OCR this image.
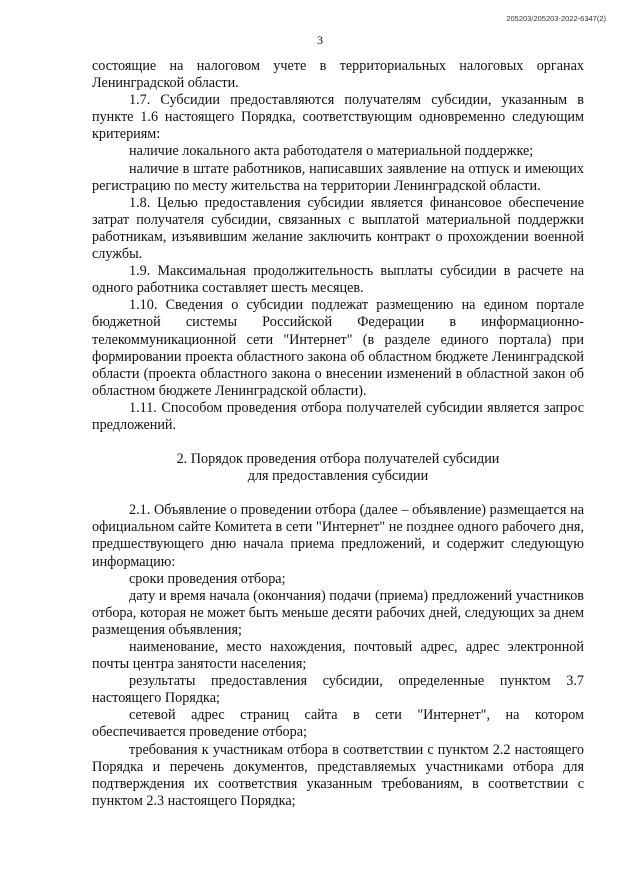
205203/205203-2022-6347(2)
3

состоящие на налоговом учете в территориальных налоговых органах Ленинградской области.

1.7. Субсидии предоставляются получателям субсидии, указанным в пункте 1.6 настоящего Порядка, соответствующим одновременно следующим критериям:

наличие локального акта работодателя о материальной поддержке;

наличие в штате работников, написавших заявление на отпуск и имеющих регистрацию по месту жительства на территории Ленинградской области.

1.8. Целью предоставления субсидии является финансовое обеспечение затрат получателя субсидии, связанных с выплатой материальной поддержки работникам, изъявившим желание заключить контракт о прохождении военной службы.

1.9. Максимальная продолжительность выплаты субсидии в расчете на одного работника составляет шесть месяцев.

1.10. Сведения о субсидии подлежат размещению на едином портале бюджетной системы Российской Федерации в информационно-телекоммуникационной сети "Интернет" (в разделе единого портала) при формировании проекта областного закона об областном бюджете Ленинградской области (проекта областного закона о внесении изменений в областной закон об областном бюджете Ленинградской области).

1.11. Способом проведения отбора получателей субсидии является запрос предложений.

2. Порядок проведения отбора получателей субсидии
для предоставления субсидии

2.1. Объявление о проведении отбора (далее – объявление) размещается на официальном сайте Комитета в сети "Интернет" не позднее одного рабочего дня, предшествующего дню начала приема предложений, и содержит следующую информацию:

сроки проведения отбора;

дату и время начала (окончания) подачи (приема) предложений участников отбора, которая не может быть меньше десяти рабочих дней, следующих за днем размещения объявления;

наименование, место нахождения, почтовый адрес, адрес электронной почты центра занятости населения;

результаты предоставления субсидии, определенные пунктом 3.7 настоящего Порядка;

сетевой адрес страниц сайта в сети "Интернет", на котором обеспечивается проведение отбора;

требования к участникам отбора в соответствии с пунктом 2.2 настоящего Порядка и перечень документов, представляемых участниками отбора для подтверждения их соответствия указанным требованиям, в соответствии с пунктом 2.3 настоящего Порядка;
